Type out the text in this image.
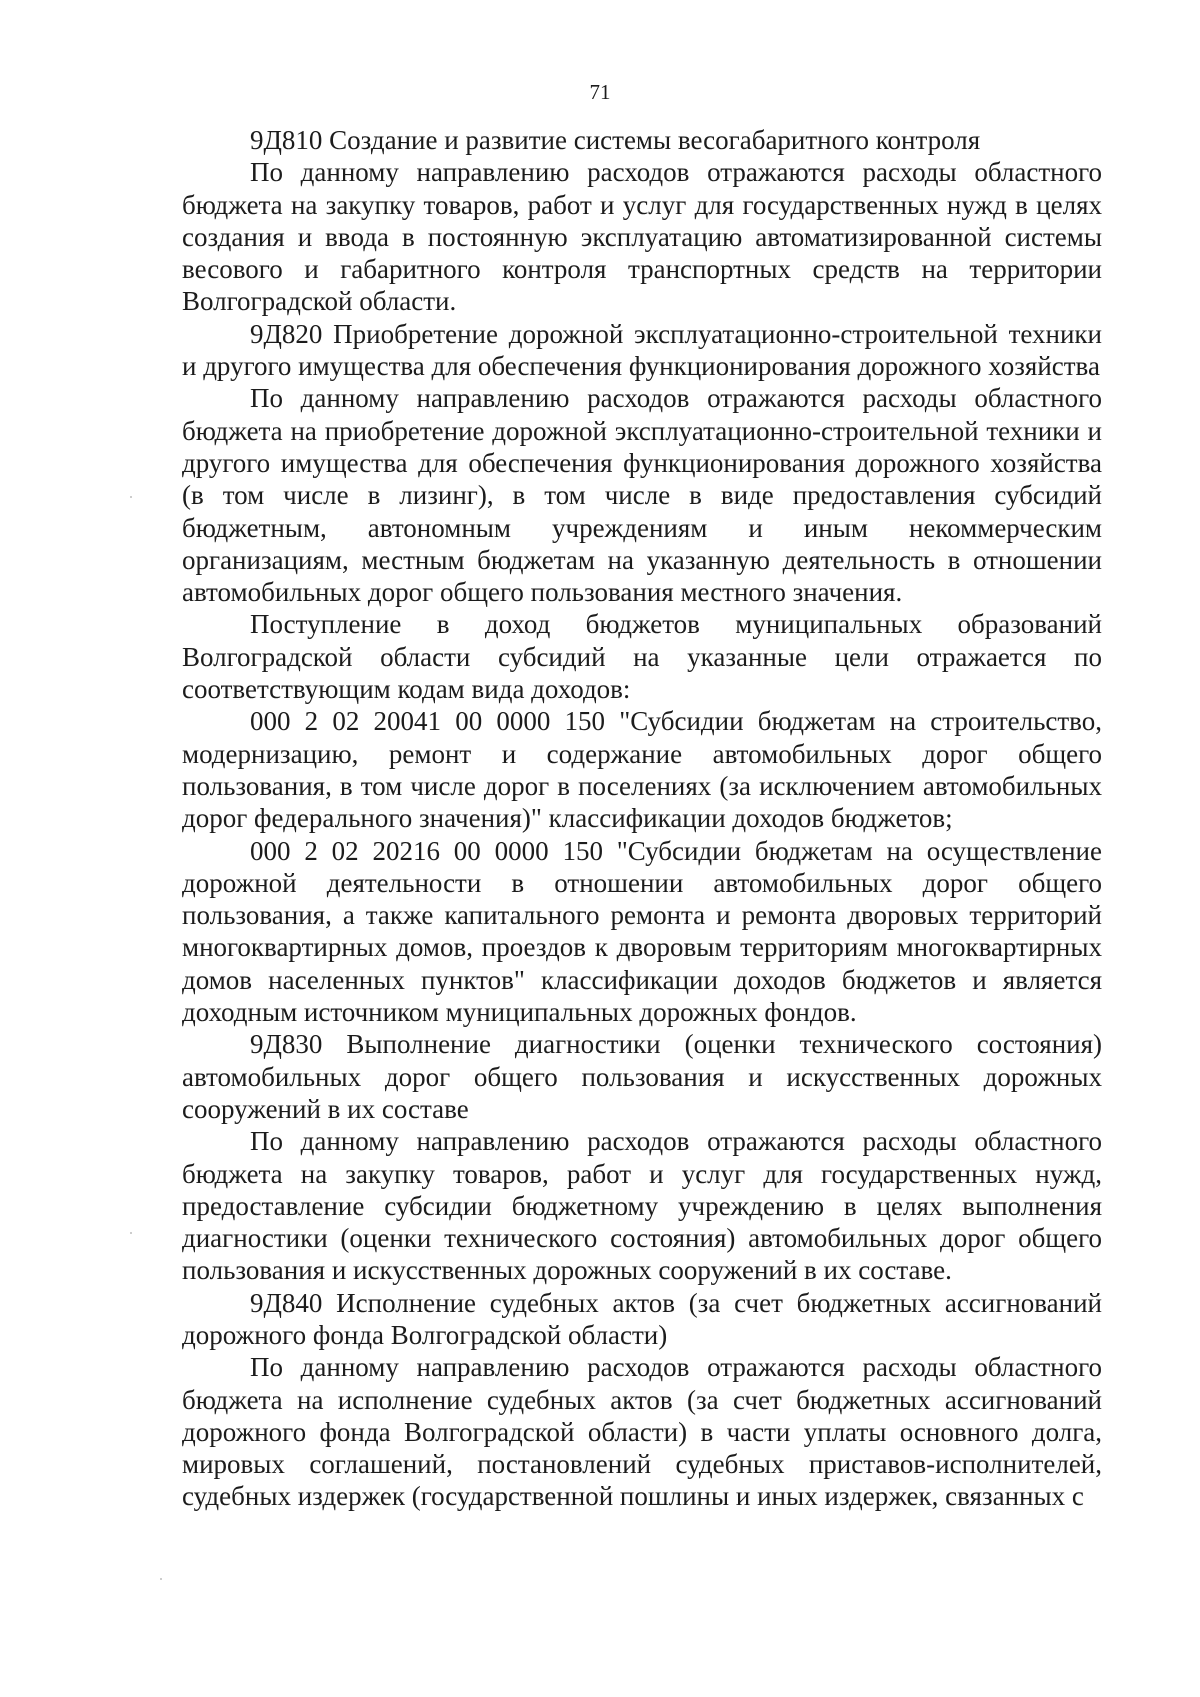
71

9Д810 Создание и развитие системы весогабаритного контроля

По данному направлению расходов отражаются расходы областного бюджета на закупку товаров, работ и услуг для государственных нужд в целях создания и ввода в постоянную эксплуатацию автоматизированной системы весового и габаритного контроля транспортных средств на территории Волгоградской области.

9Д820 Приобретение дорожной эксплуатационно-строительной техники и другого имущества для обеспечения функционирования дорожного хозяйства

По данному направлению расходов отражаются расходы областного бюджета на приобретение дорожной эксплуатационно-строительной техники и другого имущества для обеспечения функционирования дорожного хозяйства (в том числе в лизинг), в том числе в виде предоставления субсидий бюджетным, автономным учреждениям и иным некоммерческим организациям, местным бюджетам на указанную деятельность в отношении автомобильных дорог общего пользования местного значения.

Поступление в доход бюджетов муниципальных образований Волгоградской области субсидий на указанные цели отражается по соответствующим кодам вида доходов:

000 2 02 20041 00 0000 150 "Субсидии бюджетам на строительство, модернизацию, ремонт и содержание автомобильных дорог общего пользования, в том числе дорог в поселениях (за исключением автомобильных дорог федерального значения)" классификации доходов бюджетов;

000 2 02 20216 00 0000 150 "Субсидии бюджетам на осуществление дорожной деятельности в отношении автомобильных дорог общего пользования, а также капитального ремонта и ремонта дворовых территорий многоквартирных домов, проездов к дворовым территориям многоквартирных домов населенных пунктов" классификации доходов бюджетов и является доходным источником муниципальных дорожных фондов.

9Д830 Выполнение диагностики (оценки технического состояния) автомобильных дорог общего пользования и искусственных дорожных сооружений в их составе

По данному направлению расходов отражаются расходы областного бюджета на закупку товаров, работ и услуг для государственных нужд, предоставление субсидии бюджетному учреждению в целях выполнения диагностики (оценки технического состояния) автомобильных дорог общего пользования и искусственных дорожных сооружений в их составе.

9Д840 Исполнение судебных актов (за счет бюджетных ассигнований дорожного фонда Волгоградской области)

По данному направлению расходов отражаются расходы областного бюджета на исполнение судебных актов (за счет бюджетных ассигнований дорожного фонда Волгоградской области) в части уплаты основного долга, мировых соглашений, постановлений судебных приставов-исполнителей, судебных издержек (государственной пошлины и иных издержек, связанных с
